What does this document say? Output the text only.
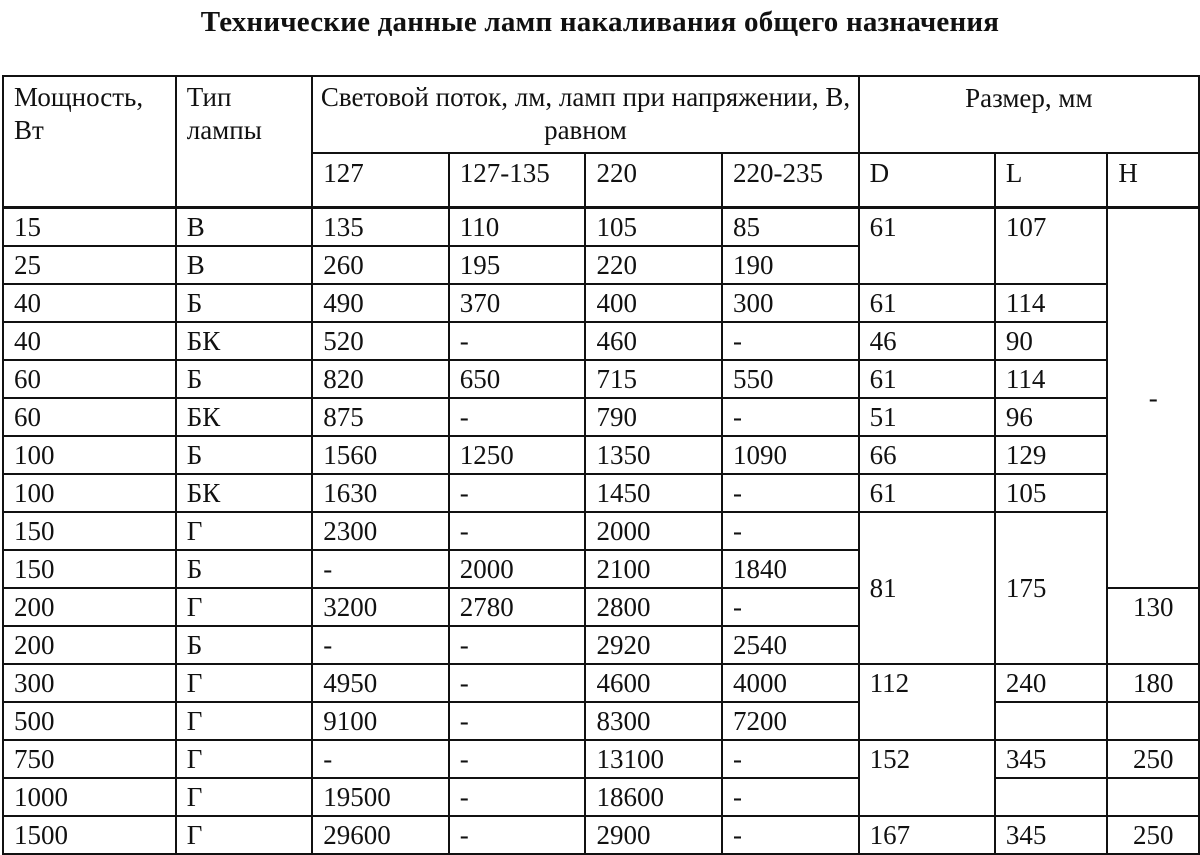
Технические данные ламп накаливания общего назначения
Мощность, Вт	Тип лампы	Световой поток, лм, ламп при напряжении, В, равном				Размер, мм		
		127	127-135	220	220-235	D	L	H
15	В	135	110	105	85	61	107	-
25	В	260	195	220	190			
40	Б	490	370	400	300	61	114	
40	БК	520	-	460	-	46	90	
60	Б	820	650	715	550	61	114	
60	БК	875	-	790	-	51	96	
100	Б	1560	1250	1350	1090	66	129	
100	БК	1630	-	1450	-	61	105	
150	Г	2300	-	2000	-	81	175	
150	Б	-	2000	2100	1840			
200	Г	3200	2780	2800	-			130
200	Б	-	-	2920	2540			
300	Г	4950	-	4600	4000	112	240	180
500	Г	9100	-	8300	7200			
750	Г	-	-	13100	-	152	345	250
1000	Г	19500	-	18600	-			
1500	Г	29600	-	2900	-	167	345	250
